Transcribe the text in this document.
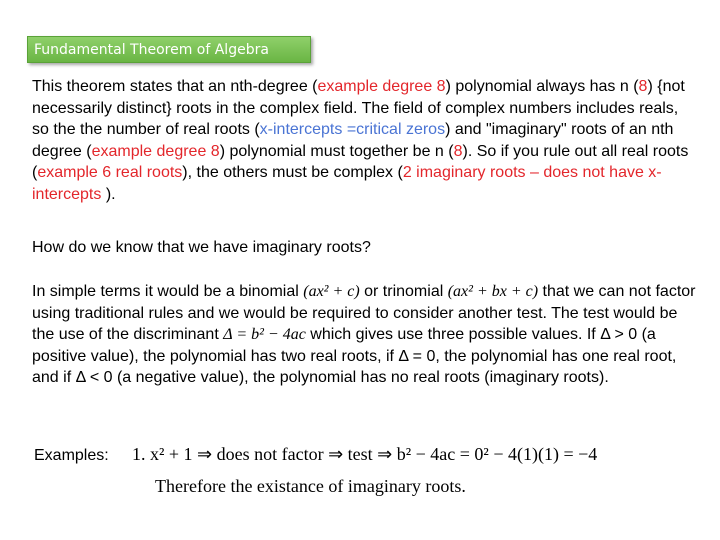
Fundamental Theorem of Algebra

This theorem states that an nth-degree (example degree 8) polynomial always has n (8) {not necessarily distinct} roots in the complex field. The field of complex numbers includes reals, so the the number of real roots (x-intercepts =critical zeros) and "imaginary" roots of an nth degree (example degree 8) polynomial must together be n (8). So if you rule out all real roots (example 6 real roots), the others must be complex (2 imaginary roots – does not have x-intercepts ).

How do we know that we have imaginary roots?

In simple terms it would be a binomial (ax² + c) or trinomial (ax² + bx + c) that we can not factor using traditional rules and we would be required to consider another test. The test would be the use of the discriminant Δ = b² − 4ac which gives use three possible values. If Δ > 0 (a positive value), the polynomial has two real roots, if Δ = 0, the polynomial has one real root, and if Δ < 0 (a negative value), the polynomial has no real roots (imaginary roots).

Examples: 1. x² + 1 ⇒ does not factor ⇒ test ⇒ b² − 4ac = 0² − 4(1)(1) = −4
Therefore the existance of imaginary roots.
